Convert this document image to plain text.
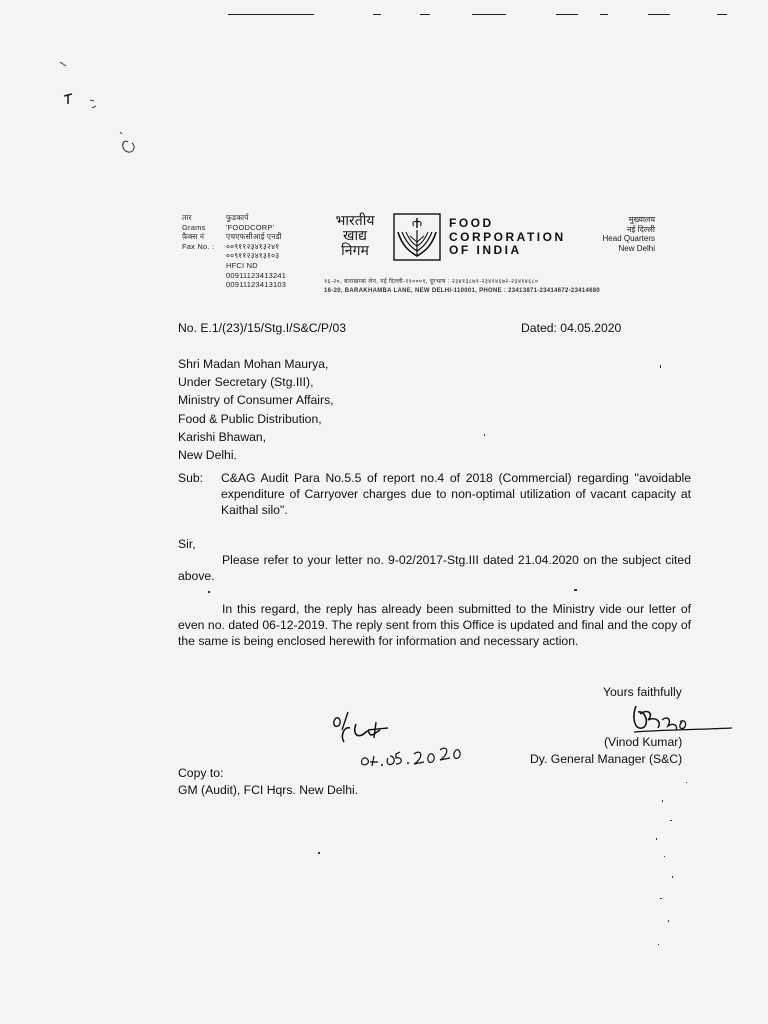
तार
Grams
फ़ैक्स नं
Fax No. :
फुडकार्प
'FOODCORP'
एचएफसीआई एनडी
००९११२३४१३२४१
००९११२३४१३१०३
HFCI ND
00911123413241
00911123413103
भारतीय
खाद्य
निगम
FOOD
CORPORATION
OF INDIA
मुख्यालय
नई दिल्ली
Head Quarters
New Delhi
१६-२०, बाराखम्बा लेन, नई दिल्ली-११०००१, दूरभाष : २३४१३८७१-२३४१४६७२-२३४१४६८०
16-20, BARAKHAMBA LANE, NEW DELHI-110001, PHONE : 23413871-23414672-23414680
No. E.1/(23)/15/Stg.I/S&C/P/03	Dated: 04.05.2020
Shri Madan Mohan Maurya,
Under Secretary (Stg.III),
Ministry of Consumer Affairs,
Food & Public Distribution,
Karishi Bhawan,
New Delhi.
Sub: C&AG Audit Para No.5.5 of report no.4 of 2018 (Commercial) regarding "avoidable expenditure of Carryover charges due to non-optimal utilization of vacant capacity at Kaithal silo".
Sir,
Please refer to your letter no. 9-02/2017-Stg.III dated 21.04.2020 on the subject cited above.
In this regard, the reply has already been submitted to the Ministry vide our letter of even no. dated 06-12-2019. The reply sent from this Office is updated and final and the copy of the same is being enclosed herewith for information and necessary action.
Yours faithfully
(Vinod Kumar)
Dy. General Manager (S&C)
Copy to:
GM (Audit), FCI Hqrs. New Delhi.
